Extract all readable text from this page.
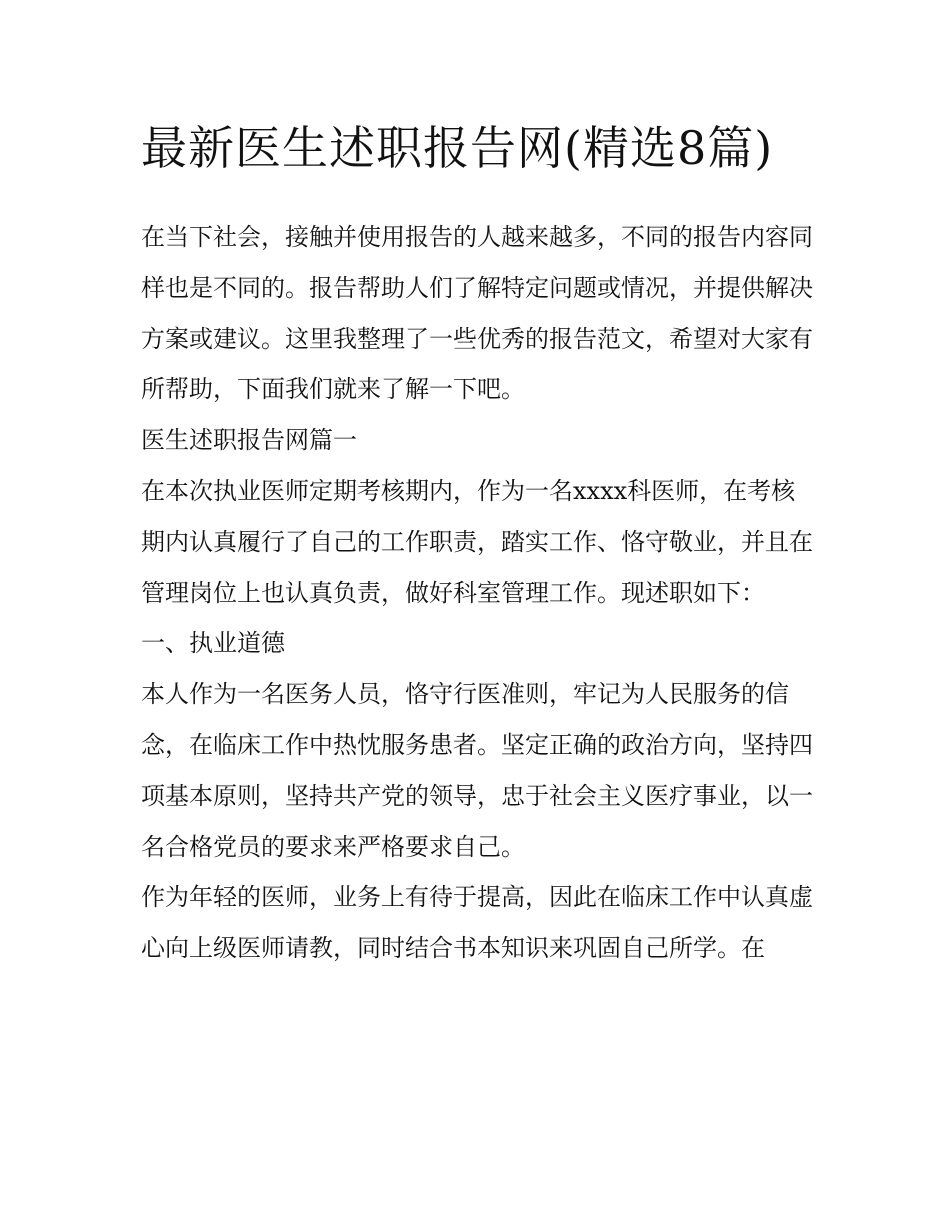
最新医生述职报告网(精选8篇)

在当下社会，接触并使用报告的人越来越多，不同的报告内容同样也是不同的。报告帮助人们了解特定问题或情况，并提供解决方案或建议。这里我整理了一些优秀的报告范文，希望对大家有所帮助，下面我们就来了解一下吧。

医生述职报告网篇一

在本次执业医师定期考核期内，作为一名xxxx科医师，在考核期内认真履行了自己的工作职责，踏实工作、恪守敬业，并且在管理岗位上也认真负责，做好科室管理工作。现述职如下：

一、执业道德

本人作为一名医务人员，恪守行医准则，牢记为人民服务的信念，在临床工作中热忱服务患者。坚定正确的政治方向，坚持四项基本原则，坚持共产党的领导，忠于社会主义医疗事业，以一名合格党员的要求来严格要求自己。

作为年轻的医师，业务上有待于提高，因此在临床工作中认真虚心向上级医师请教，同时结合书本知识来巩固自己所学。在
